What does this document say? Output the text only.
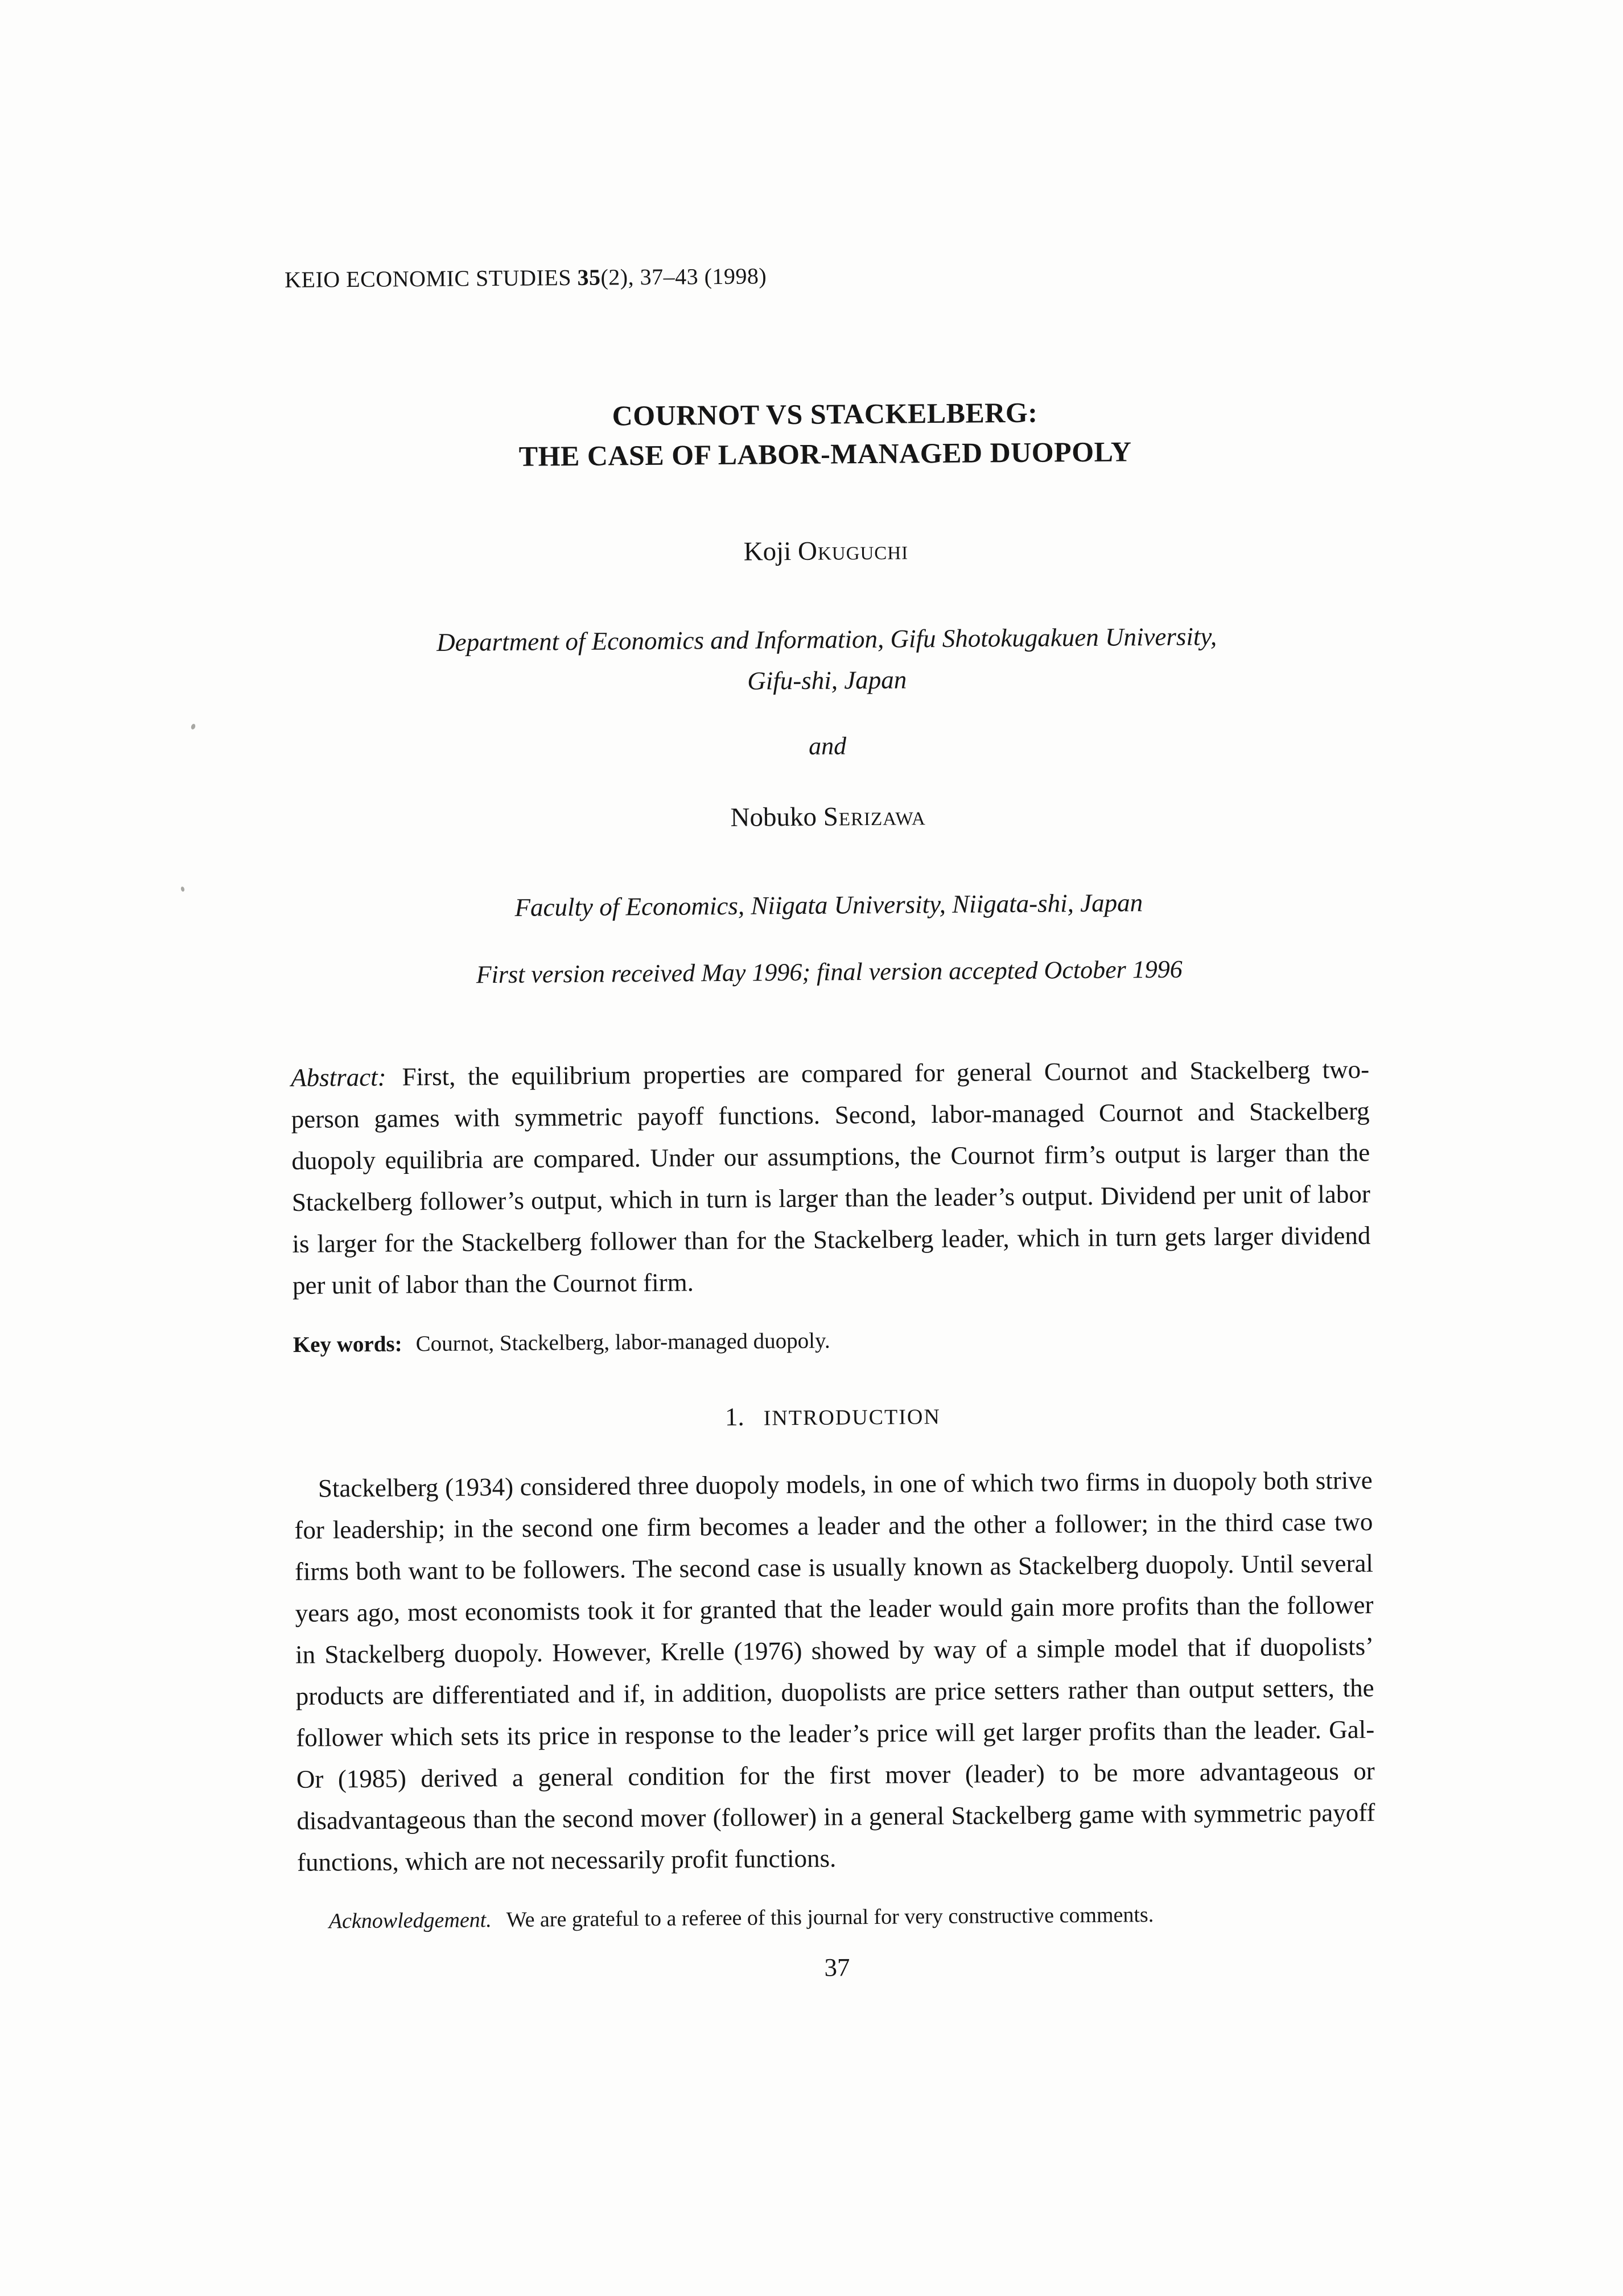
KEIO ECONOMIC STUDIES 35(2), 37–43 (1998)
COURNOT VS STACKELBERG:
THE CASE OF LABOR-MANAGED DUOPOLY
Koji Okuguchi
Department of Economics and Information, Gifu Shotokugakuen University,
Gifu-shi, Japan
and
Nobuko Serizawa
Faculty of Economics, Niigata University, Niigata-shi, Japan
First version received May 1996; final version accepted October 1996

Abstract: First, the equilibrium properties are compared for general Cournot and Stackelberg two-person games with symmetric payoff functions. Second, labor-managed Cournot and Stackelberg duopoly equilibria are compared. Under our assumptions, the Cournot firm’s output is larger than the Stackelberg follower’s output, which in turn is larger than the leader’s output. Dividend per unit of labor is larger for the Stackelberg follower than for the Stackelberg leader, which in turn gets larger dividend per unit of labor than the Cournot firm.

Key words: Cournot, Stackelberg, labor-managed duopoly.
1. INTRODUCTION

Stackelberg (1934) considered three duopoly models, in one of which two firms in duopoly both strive for leadership; in the second one firm becomes a leader and the other a follower; in the third case two firms both want to be followers. The second case is usually known as Stackelberg duopoly. Until several years ago, most economists took it for granted that the leader would gain more profits than the follower in Stackelberg duopoly. However, Krelle (1976) showed by way of a simple model that if duopolists’ products are differentiated and if, in addition, duopolists are price setters rather than output setters, the follower which sets its price in response to the leader’s price will get larger profits than the leader. Gal-Or (1985) derived a general condition for the first mover (leader) to be more advantageous or disadvantageous than the second mover (follower) in a general Stackelberg game with symmetric payoff functions, which are not necessarily profit functions.

Acknowledgement. We are grateful to a referee of this journal for very constructive comments.
37
